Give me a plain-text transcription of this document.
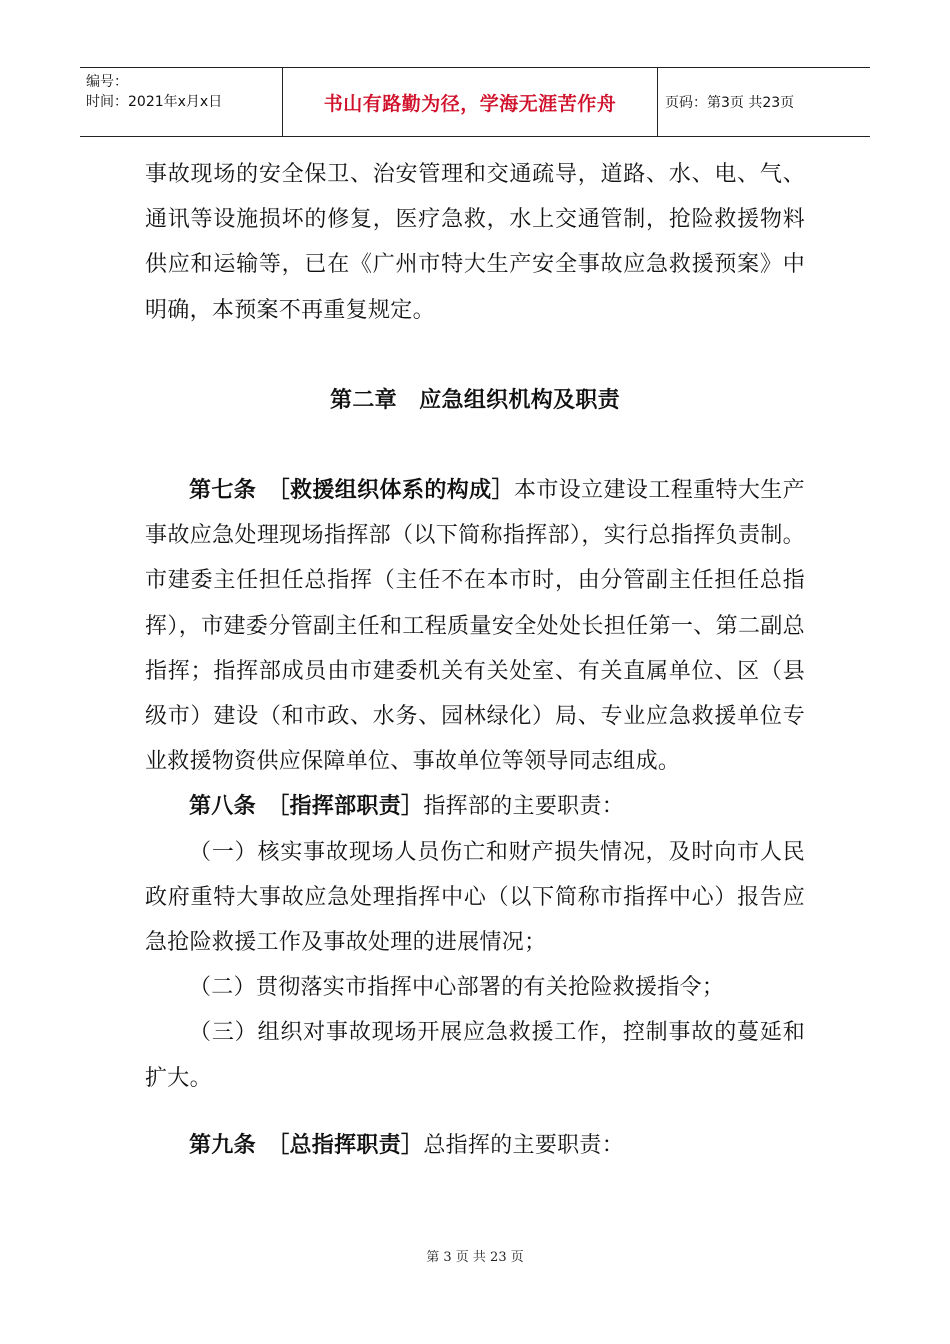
编号：
时间：2021年x月x日	书山有路勤为径，学海无涯苦作舟	页码：第3页 共23页

事故现场的安全保卫、治安管理和交通疏导，道路、水、电、气、通讯等设施损坏的修复，医疗急救，水上交通管制，抢险救援物料供应和运输等，已在《广州市特大生产安全事故应急救援预案》中明确，本预案不再重复规定。

第二章　应急组织机构及职责

第七条　［救援组织体系的构成］本市设立建设工程重特大生产事故应急处理现场指挥部（以下简称指挥部），实行总指挥负责制。市建委主任担任总指挥（主任不在本市时，由分管副主任担任总指挥），市建委分管副主任和工程质量安全处处长担任第一、第二副总指挥；指挥部成员由市建委机关有关处室、有关直属单位、区（县级市）建设（和市政、水务、园林绿化）局、专业应急救援单位专业救援物资供应保障单位、事故单位等领导同志组成。

第八条　［指挥部职责］指挥部的主要职责：

（一）核实事故现场人员伤亡和财产损失情况，及时向市人民政府重特大事故应急处理指挥中心（以下简称市指挥中心）报告应急抢险救援工作及事故处理的进展情况；

（二）贯彻落实市指挥中心部署的有关抢险救援指令；

（三）组织对事故现场开展应急救援工作，控制事故的蔓延和扩大。

第九条　［总指挥职责］总指挥的主要职责：

第 3 页 共 23 页
